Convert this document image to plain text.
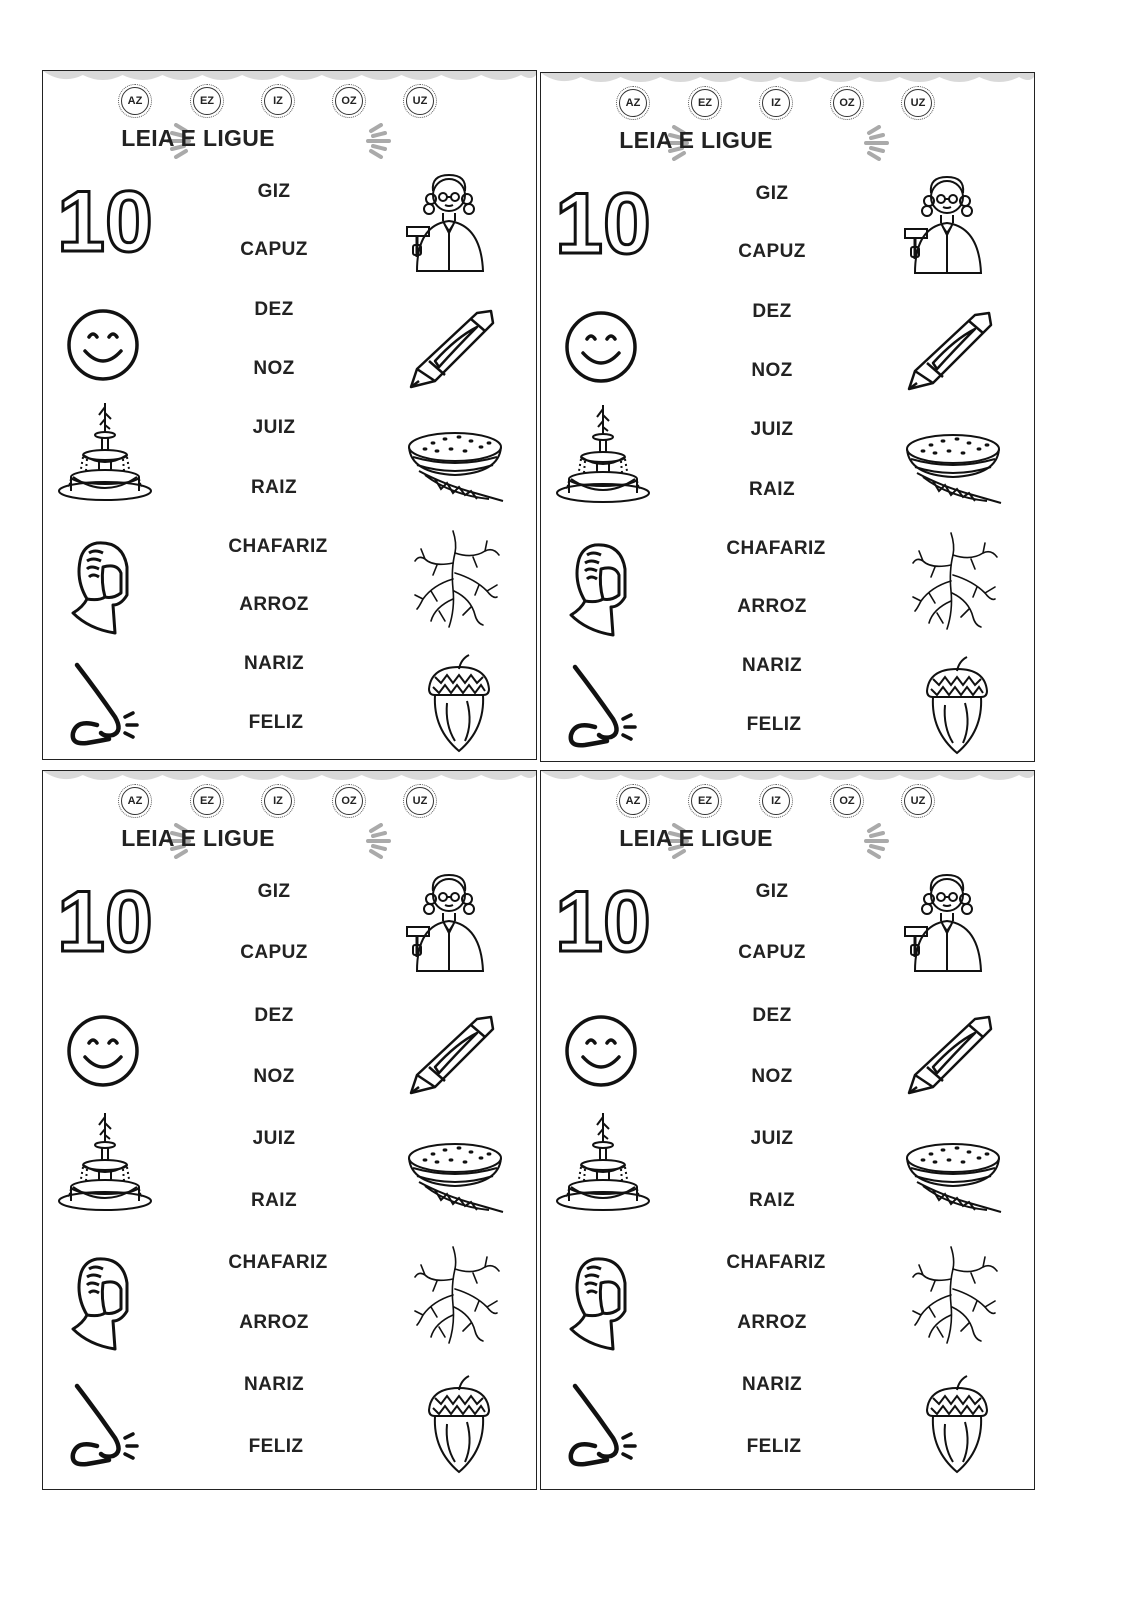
AZ	EZ	IZ	OZ	UZ
LEIA E LIGUE
GIZ
CAPUZ
DEZ
NOZ
JUIZ
RAIZ
CHAFARIZ
ARROZ
NARIZ
FELIZ
10
AZ	EZ	IZ	OZ	UZ
LEIA E LIGUE
GIZ
CAPUZ
DEZ
NOZ
JUIZ
RAIZ
CHAFARIZ
ARROZ
NARIZ
FELIZ
10
AZ	EZ	IZ	OZ	UZ
LEIA E LIGUE
GIZ
CAPUZ
DEZ
NOZ
JUIZ
RAIZ
CHAFARIZ
ARROZ
NARIZ
FELIZ
10
AZ	EZ	IZ	OZ	UZ
LEIA E LIGUE
GIZ
CAPUZ
DEZ
NOZ
JUIZ
RAIZ
CHAFARIZ
ARROZ
NARIZ
FELIZ
10
